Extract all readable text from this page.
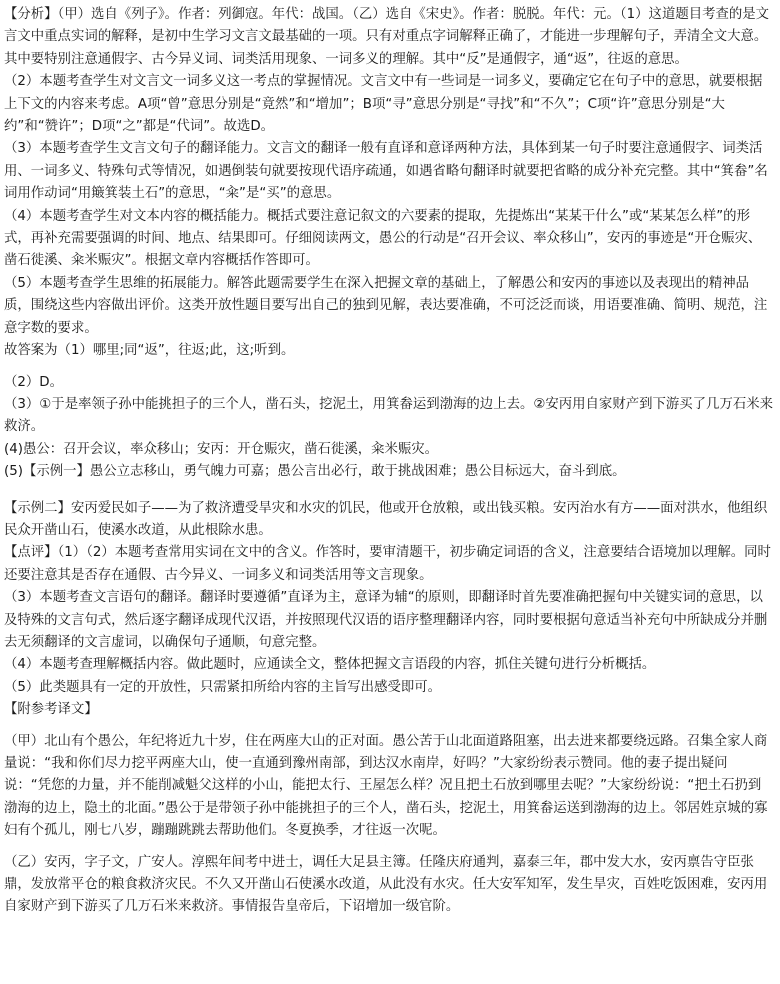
【分析】（甲）选自《列子》。作者：列御寇。年代：战国。（乙）选自《宋史》。作者：脱脱。年代：元。（1）这道题目考查的是文言文中重点实词的解释，是初中生学习文言文最基础的一项。只有对重点字词解释正确了，才能进一步理解句子，弄清全文大意。其中要特别注意通假字、古今异义词、词类活用现象、一词多义的理解。其中“反”是通假字，通“返”，往返的意思。

（2）本题考查学生对文言文一词多义这一考点的掌握情况。文言文中有一些词是一词多义，要确定它在句子中的意思，就要根据上下文的内容来考虑。A项“曾”意思分别是“竟然”和“增加”；B项“寻”意思分别是“寻找”和“不久”；C项“许”意思分别是“大约”和“赞许”；D项“之”都是“代词”。故选D。

（3）本题考查学生文言文句子的翻译能力。文言文的翻译一般有直译和意译两种方法，具体到某一句子时要注意通假字、词类活用、一词多义、特殊句式等情况，如遇倒装句就要按现代语序疏通，如遇省略句翻译时就要把省略的成分补充完整。其中“箕畚”名词用作动词“用簸箕装土石”的意思，“籴”是“买”的意思。

（4）本题考查学生对文本内容的概括能力。概括式要注意记叙文的六要素的提取，先提炼出“某某干什么”或“某某怎么样”的形式，再补充需要强调的时间、地点、结果即可。仔细阅读两文，愚公的行动是“召开会议、率众移山”，安丙的事迹是“开仓赈灾、凿石徙溪、籴米赈灾”。根据文章内容概括作答即可。

（5）本题考查学生思维的拓展能力。解答此题需要学生在深入把握文章的基础上，了解愚公和安丙的事迹以及表现出的精神品质，围绕这些内容做出评价。这类开放性题目要写出自己的独到见解，表达要准确，不可泛泛而谈，用语要准确、简明、规范，注意字数的要求。

故答案为（1）哪里;同“返”，往返;此，这;听到。

（2）D。

（3）①于是率领子孙中能挑担子的三个人，凿石头，挖泥土，用箕畚运到渤海的边上去。②安丙用自家财产到下游买了几万石米来救济。

(4)愚公：召开会议，率众移山；安丙：开仓赈灾，凿石徙溪，籴米赈灾。

(5)【示例一】愚公立志移山，勇气魄力可嘉；愚公言出必行，敢于挑战困难；愚公目标远大，奋斗到底。

【示例二】安丙爱民如子——为了救济遭受旱灾和水灾的饥民，他或开仓放粮，或出钱买粮。安丙治水有方——面对洪水，他组织民众开凿山石，使溪水改道，从此根除水患。

【点评】（1）（2）本题考查常用实词在文中的含义。作答时，要审清题干，初步确定词语的含义，注意要结合语境加以理解。同时还要注意其是否存在通假、古今异义、一词多义和词类活用等文言现象。

（3）本题考查文言语句的翻译。翻译时要遵循”直译为主，意译为辅“的原则，即翻译时首先要准确把握句中关键实词的意思，以及特殊的文言句式，然后逐字翻译成现代汉语，并按照现代汉语的语序整理翻译内容，同时要根据句意适当补充句中所缺成分并删去无须翻译的文言虚词，以确保句子通顺，句意完整。

（4）本题考查理解概括内容。做此题时，应通读全文，整体把握文言语段的内容，抓住关键句进行分析概括。

（5）此类题具有一定的开放性，只需紧扣所给内容的主旨写出感受即可。

【附参考译文】

（甲）北山有个愚公，年纪将近九十岁，住在两座大山的正对面。愚公苦于山北面道路阻塞，出去进来都要绕远路。召集全家人商量说：“我和你们尽力挖平两座大山，使一直通到豫州南部，到达汉水南岸，好吗？”大家纷纷表示赞同。他的妻子提出疑问说：“凭您的力量，并不能削减魁父这样的小山，能把太行、王屋怎么样？况且把土石放到哪里去呢？”大家纷纷说：“把土石扔到渤海的边上，隐土的北面。”愚公于是带领子孙中能挑担子的三个人，凿石头，挖泥土，用箕畚运送到渤海的边上。邻居姓京城的寡妇有个孤儿，刚七八岁，蹦蹦跳跳去帮助他们。冬夏换季，才往返一次呢。

（乙）安丙，字子文，广安人。淳熙年间考中进士，调任大足县主簿。任隆庆府通判，嘉泰三年，郡中发大水，安丙禀告守臣张鼎，发放常平仓的粮食救济灾民。不久又开凿山石使溪水改道，从此没有水灾。任大安军知军，发生旱灾，百姓吃饭困难，安丙用自家财产到下游买了几万石米来救济。事情报告皇帝后，下诏增加一级官阶。
